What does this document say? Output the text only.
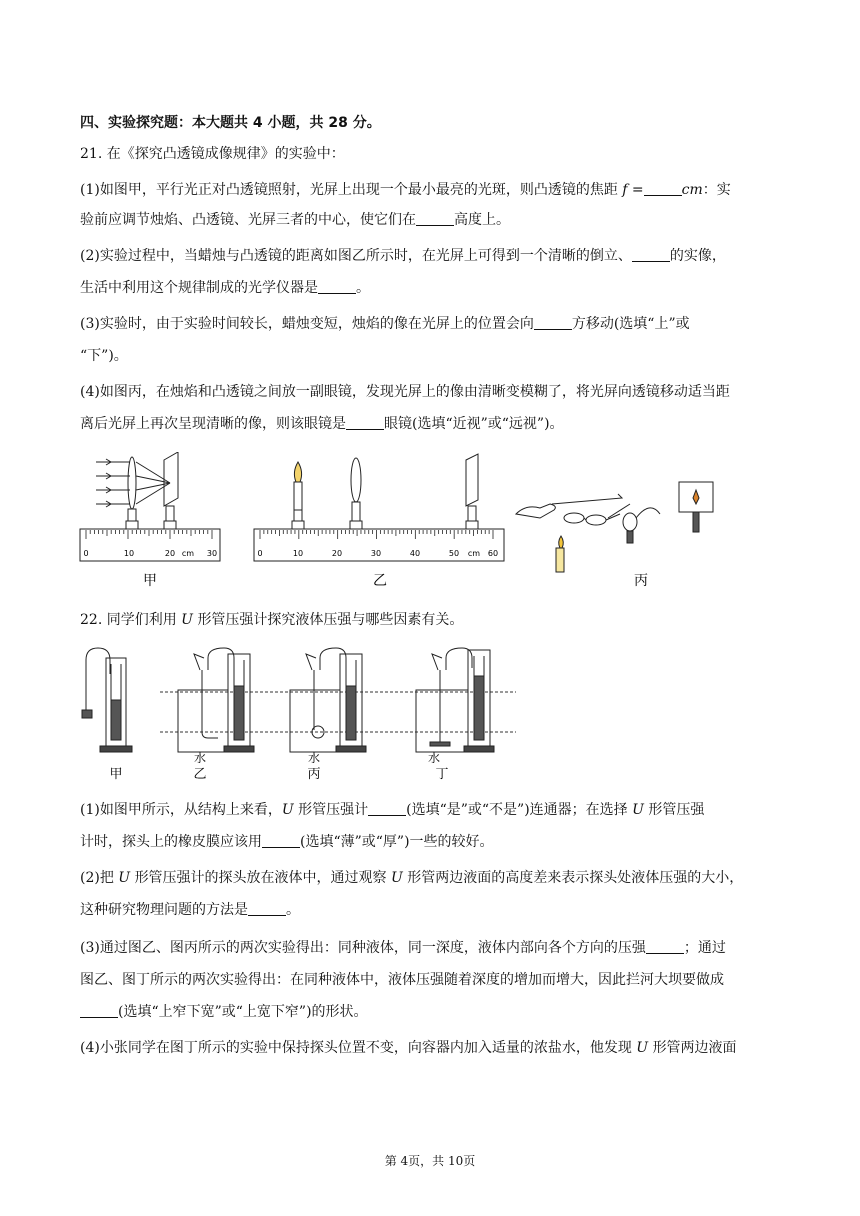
四、实验探究题：本大题共 4 小题，共 28 分。
21. 在《探究凸透镜成像规律》的实验中：
(1)如图甲，平行光正对凸透镜照射，光屏上出现一个最小最亮的光斑，则凸透镜的焦距 f =	cm：实
验前应调节烛焰、凸透镜、光屏三者的中心，使它们在	高度上。
(2)实验过程中，当蜡烛与凸透镜的距离如图乙所示时，在光屏上可得到一个清晰的倒立、	的实像，
生活中利用这个规律制成的光学仪器是	。
(3)实验时，由于实验时间较长，蜡烛变短，烛焰的像在光屏上的位置会向	方移动(选填“上”或
“下”)。
(4)如图丙，在烛焰和凸透镜之间放一副眼镜，发现光屏上的像由清晰变模糊了，将光屏向透镜移动适当距
离后光屏上再次呈现清晰的像，则该眼镜是	眼镜(选填“近视”或“远视”)。
0	10	20 cm 30
甲
0	10	20	30	40	50 cm 60
乙	丙
22. 同学们利用 U 形管压强计探究液体压强与哪些因素有关。
甲
水
乙
水
丙
水
丁
(1)如图甲所示，从结构上来看，U 形管压强计	(选填“是”或“不是”)连通器；在选择 U 形管压强
计时，探头上的橡皮膜应该用	(选填“薄”或“厚”)一些的较好。
(2)把 U 形管压强计的探头放在液体中，通过观察 U 形管两边液面的高度差来表示探头处液体压强的大小，
这种研究物理问题的方法是	。
(3)通过图乙、图丙所示的两次实验得出：同种液体，同一深度，液体内部向各个方向的压强	；通过
图乙、图丁所示的两次实验得出：在同种液体中，液体压强随着深度的增加而增大，因此拦河大坝要做成
(选填“上窄下宽”或“上宽下窄”)的形状。
(4)小张同学在图丁所示的实验中保持探头位置不变，向容器内加入适量的浓盐水，他发现 U 形管两边液面
第 4页，共 10页
